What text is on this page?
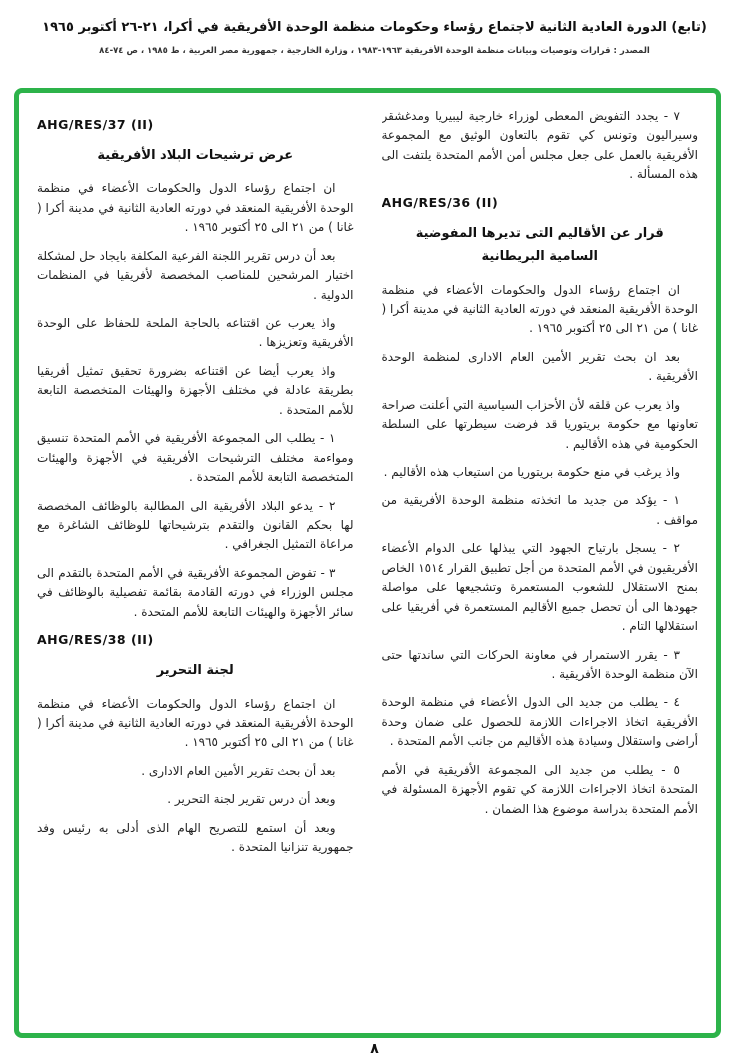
(تابع) الدورة العادية الثانية لاجتماع رؤساء وحكومات منظمة الوحدة الأفريقية في أكرا، ٢١-٢٦ أكتوبر ١٩٦٥
المصدر : قرارات وتوصيات وبيانات منظمة الوحدة الأفريقية ١٩٦٣-١٩٨٣ ، وزارة الخارجية ، جمهورية مصر العربية ، ط ١٩٨٥ ، ص ٧٤-٨٤
٧ - يجدد التفويض المعطى لوزراء خارجية ليبيريا ومدغشقر وسيراليون وتونس كي تقوم بالتعاون الوثيق مع المجموعة الأفريقية بالعمل على جعل مجلس أمن الأمم المتحدة يلتفت الى هذه المسألة .
AHG/RES/36 (II)
قرار عن الأقاليم التى تديرها المفوضية السامية البريطانية
ان اجتماع رؤساء الدول والحكومات الأعضاء في منظمة الوحدة الأفريقية المنعقد في دورته العادية الثانية في مدينة أكرا ( غانا ) من ٢١ الى ٢٥ أكتوبر ١٩٦٥ .
بعد ان بحث تقرير الأمين العام الادارى لمنظمة الوحدة الأفريقية .
واذ يعرب عن قلقه لأن الأحزاب السياسية التي أعلنت صراحة تعاونها مع حكومة بريتوريا قد فرضت سيطرتها على السلطة الحكومية في هذه الأقاليم .
واذ يرغب في منع حكومة بريتوريا من استيعاب هذه الأقاليم .
١ - يؤكد من جديد ما اتخذته منظمة الوحدة الأفريقية من مواقف .
٢ - يسجل بارتياح الجهود التي يبذلها على الدوام الأعضاء الأفريقيون في الأمم المتحدة من أجل تطبيق القرار ١٥١٤ الخاص بمنح الاستقلال للشعوب المستعمرة وتشجيعها على مواصلة جهودها الى أن تحصل جميع الأقاليم المستعمرة في أفريقيا على استقلالها التام .
٣ - يقرر الاستمرار في معاونة الحركات التي ساندتها حتى الآن منظمة الوحدة الأفريقية .
٤ - يطلب من جديد الى الدول الأعضاء في منظمة الوحدة الأفريقية اتخاذ الاجراءات اللازمة للحصول على ضمان وحدة أراضى واستقلال وسيادة هذه الأقاليم من جانب الأمم المتحدة .
٥ - يطلب من جديد الى المجموعة الأفريقية في الأمم المتحدة اتخاذ الاجراءات اللازمة كي تقوم الأجهزة المسئولة في الأمم المتحدة بدراسة موضوع هذا الضمان .
AHG/RES/37 (II)
عرض ترشيحات البلاد الأفريقية
ان اجتماع رؤساء الدول والحكومات الأعضاء في منظمة الوحدة الأفريقية المنعقد في دورته العادية الثانية في مدينة أكرا ( غانا ) من ٢١ الى ٢٥ أكتوبر ١٩٦٥ .
بعد أن درس تقرير اللجنة الفرعية المكلفة بايجاد حل لمشكلة اختيار المرشحين للمناصب المخصصة لأفريقيا في المنظمات الدولية .
واذ يعرب عن اقتناعه بالحاجة الملحة للحفاظ على الوحدة الأفريقية وتعزيزها .
واذ يعرب أيضا عن اقتناعه بضرورة تحقيق تمثيل أفريقيا بطريقة عادلة في مختلف الأجهزة والهيئات المتخصصة التابعة للأمم المتحدة .
١ - يطلب الى المجموعة الأفريقية في الأمم المتحدة تنسيق ومواءمة مختلف الترشيحات الأفريقية في الأجهزة والهيئات المتخصصة التابعة للأمم المتحدة .
٢ - يدعو البلاد الأفريقية الى المطالبة بالوظائف المخصصة لها بحكم القانون والتقدم بترشيحاتها للوظائف الشاغرة مع مراعاة التمثيل الجغرافي .
٣ - تفوض المجموعة الأفريقية في الأمم المتحدة بالتقدم الى مجلس الوزراء في دورته القادمة بقائمة تفصيلية بالوظائف في سائر الأجهزة والهيئات التابعة للأمم المتحدة .
AHG/RES/38 (II)
لجنة التحرير
ان اجتماع رؤساء الدول والحكومات الأعضاء في منظمة الوحدة الأفريقية المنعقد في دورته العادية الثانية في مدينة أكرا ( غانا ) من ٢١ الى ٢٥ أكتوبر ١٩٦٥ .
بعد أن بحث تقرير الأمين العام الادارى .
وبعد أن درس تقرير لجنة التحرير .
وبعد أن استمع للتصريح الهام الذى أدلى به رئيس وفد جمهورية تنزانيا المتحدة .
٨
